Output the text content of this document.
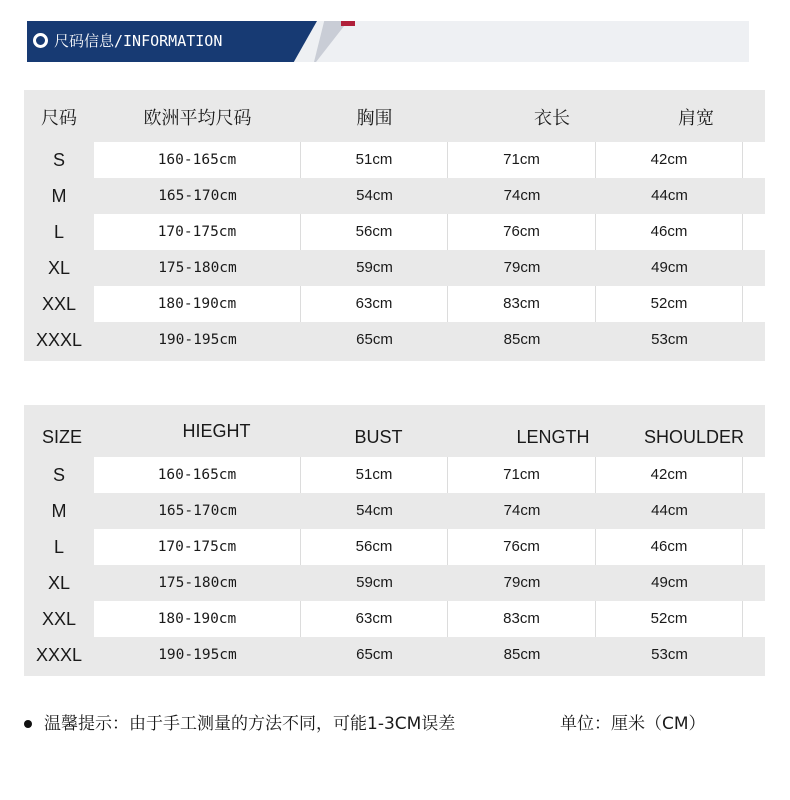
尺码信息/INFORMATION
尺码	欧洲平均尺码	胸围	衣长	肩宽
S	160-165cm	51cm	71cm	42cm
M	165-170cm	54cm	74cm	44cm
L	170-175cm	56cm	76cm	46cm
XL	175-180cm	59cm	79cm	49cm
XXL	180-190cm	63cm	83cm	52cm
XXXL	190-195cm	65cm	85cm	53cm
SIZE	HIEGHT	BUST	LENGTH	SHOULDER
S	160-165cm	51cm	71cm	42cm
M	165-170cm	54cm	74cm	44cm
L	170-175cm	56cm	76cm	46cm
XL	175-180cm	59cm	79cm	49cm
XXL	180-190cm	63cm	83cm	52cm
XXXL	190-195cm	65cm	85cm	53cm
温馨提示：由于手工测量的方法不同，可能1-3CM误差	单位：厘米（CM）
